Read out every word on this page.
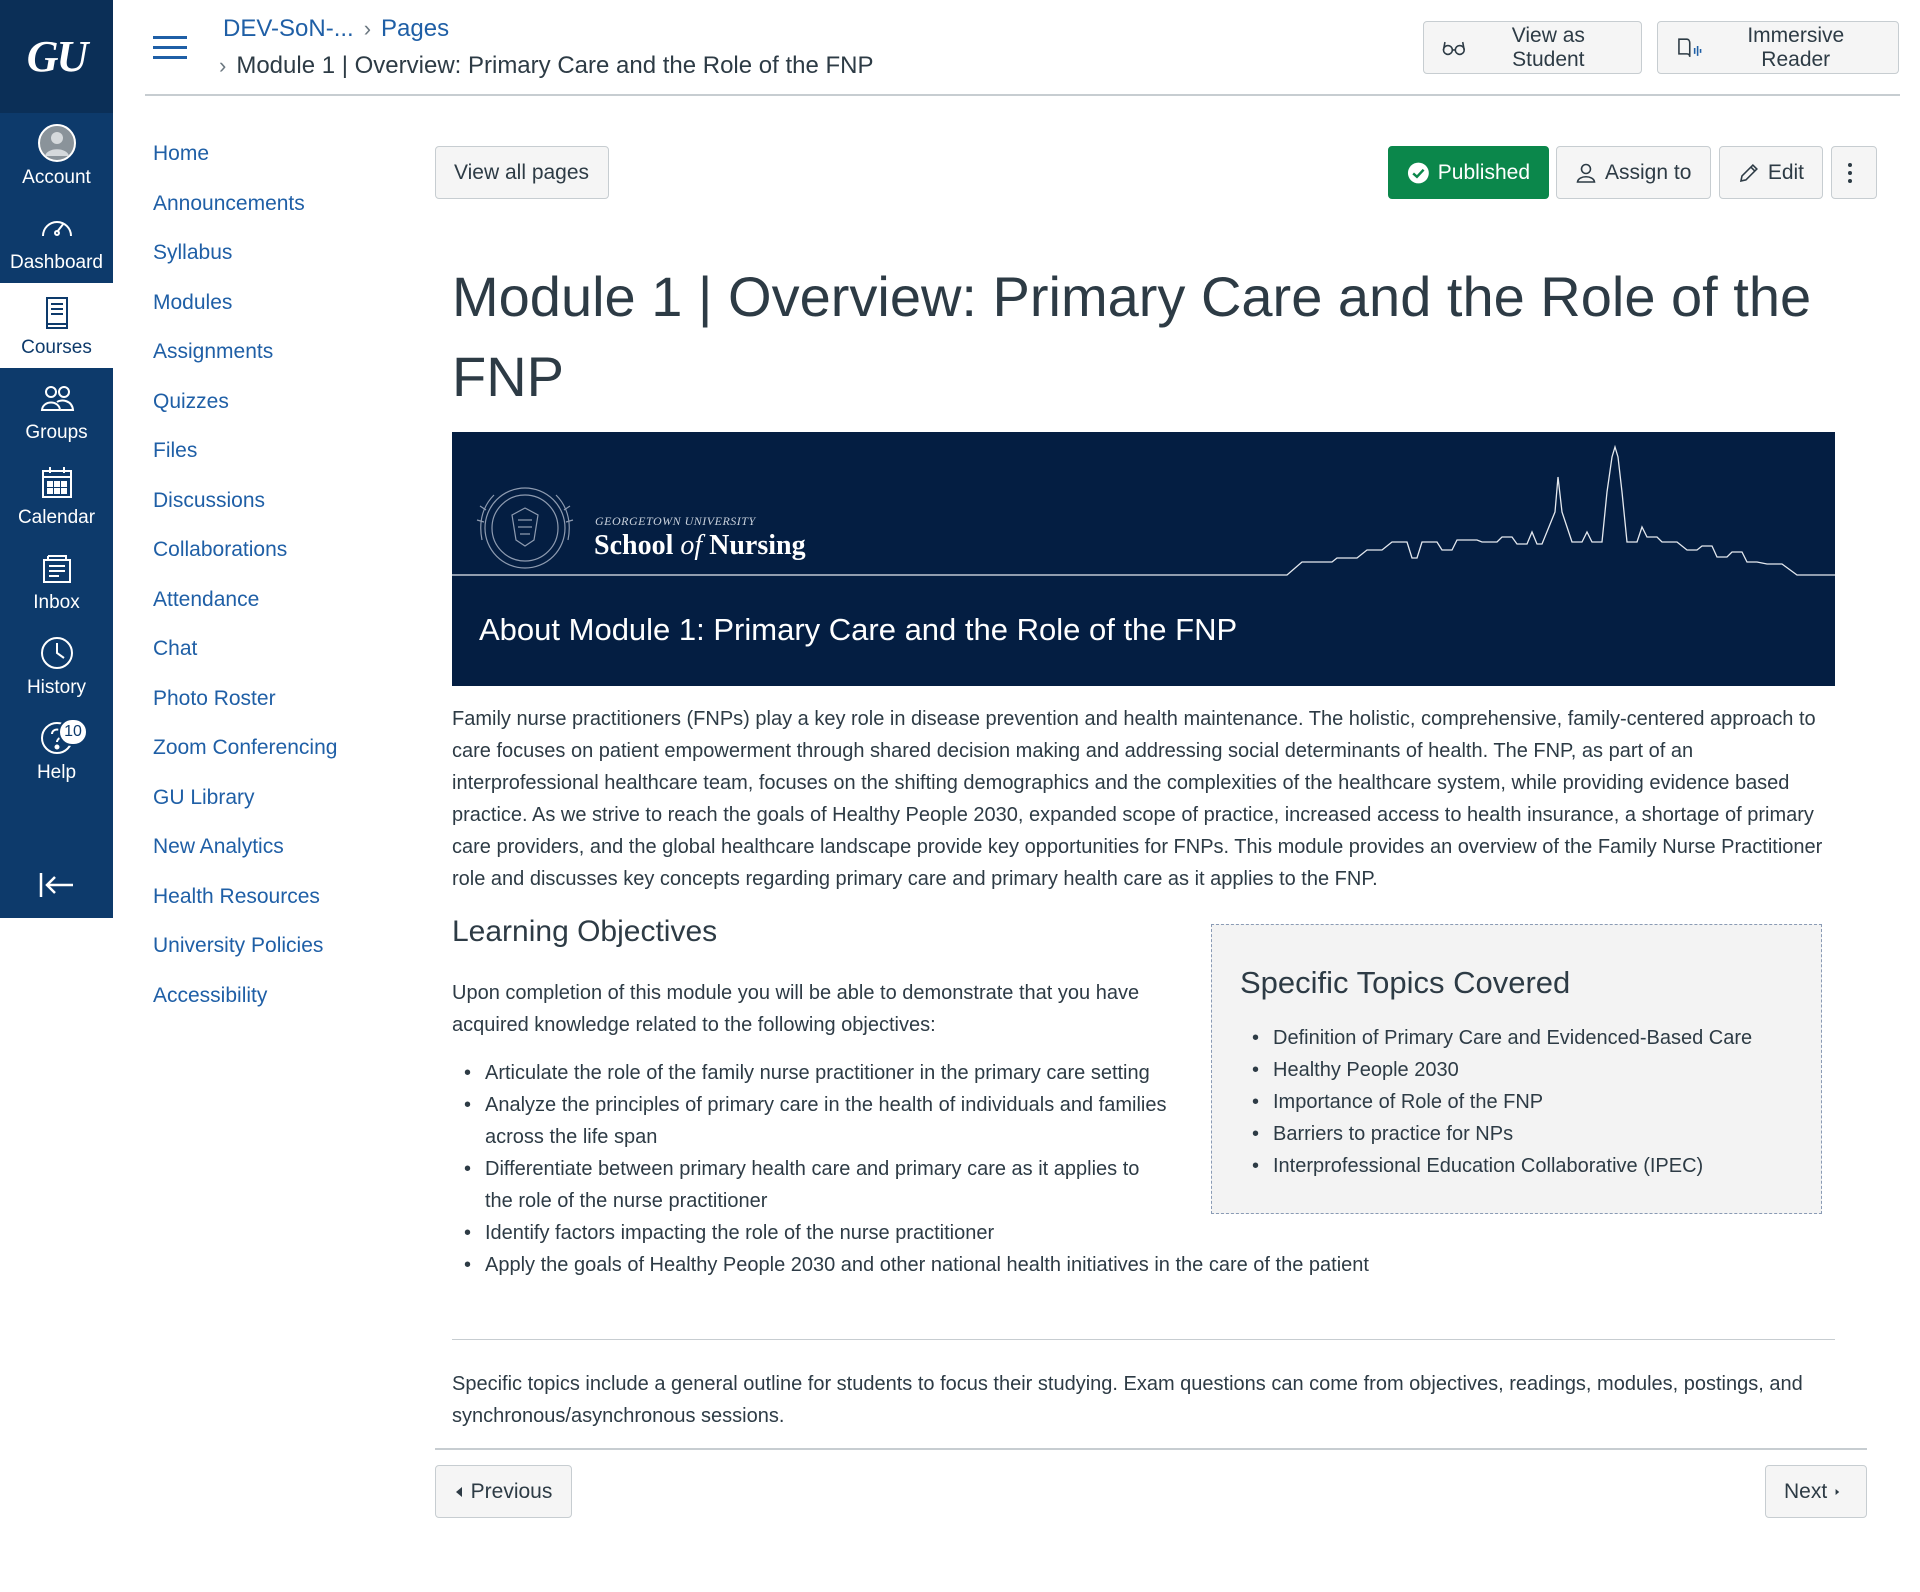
GU
Account
Dashboard
Courses
Groups
Calendar
Inbox
History
10
Help
DEV-SoN-... › Pages
› Module 1 | Overview: Primary Care and the Role of the FNP
View as Student
Immersive Reader
Home
Announcements
Syllabus
Modules
Assignments
Quizzes
Files
Discussions
Collaborations
Attendance
Chat
Photo Roster
Zoom Conferencing
GU Library
New Analytics
Health Resources
University Policies
Accessibility
View all pages	Published	Assign to	Edit
Module 1 | Overview: Primary Care and the Role of the FNP
GEORGETOWN UNIVERSITY
School of Nursing
About Module 1: Primary Care and the Role of the FNP

Family nurse practitioners (FNPs) play a key role in disease prevention and health maintenance. The holistic, comprehensive, family-centered approach to care focuses on patient empowerment through shared decision making and addressing social determinants of health. The FNP, as part of an interprofessional healthcare team, focuses on the shifting demographics and the complexities of the healthcare system, while providing evidence based practice. As we strive to reach the goals of Healthy People 2030, expanded scope of practice, increased access to health insurance, a shortage of primary care providers, and the global healthcare landscape provide key opportunities for FNPs. This module provides an overview of the Family Nurse Practitioner role and discusses key concepts regarding primary care and primary health care as it applies to the FNP.

Learning Objectives

Upon completion of this module you will be able to demonstrate that you have acquired knowledge related to the following objectives:

• Articulate the role of the family nurse practitioner in the primary care setting
• Analyze the principles of primary care in the health of individuals and families across the life span
• Differentiate between primary health care and primary care as it applies to the role of the nurse practitioner
• Identify factors impacting the role of the nurse practitioner
• Apply the goals of Healthy People 2030 and other national health initiatives in the care of the patient
Specific Topics Covered
• Definition of Primary Care and Evidenced-Based Care
• Healthy People 2030
• Importance of Role of the FNP
• Barriers to practice for NPs
• Interprofessional Education Collaborative (IPEC)

Specific topics include a general outline for students to focus their studying. Exam questions can come from objectives, readings, modules, postings, and synchronous/asynchronous sessions.

Previous	Next
